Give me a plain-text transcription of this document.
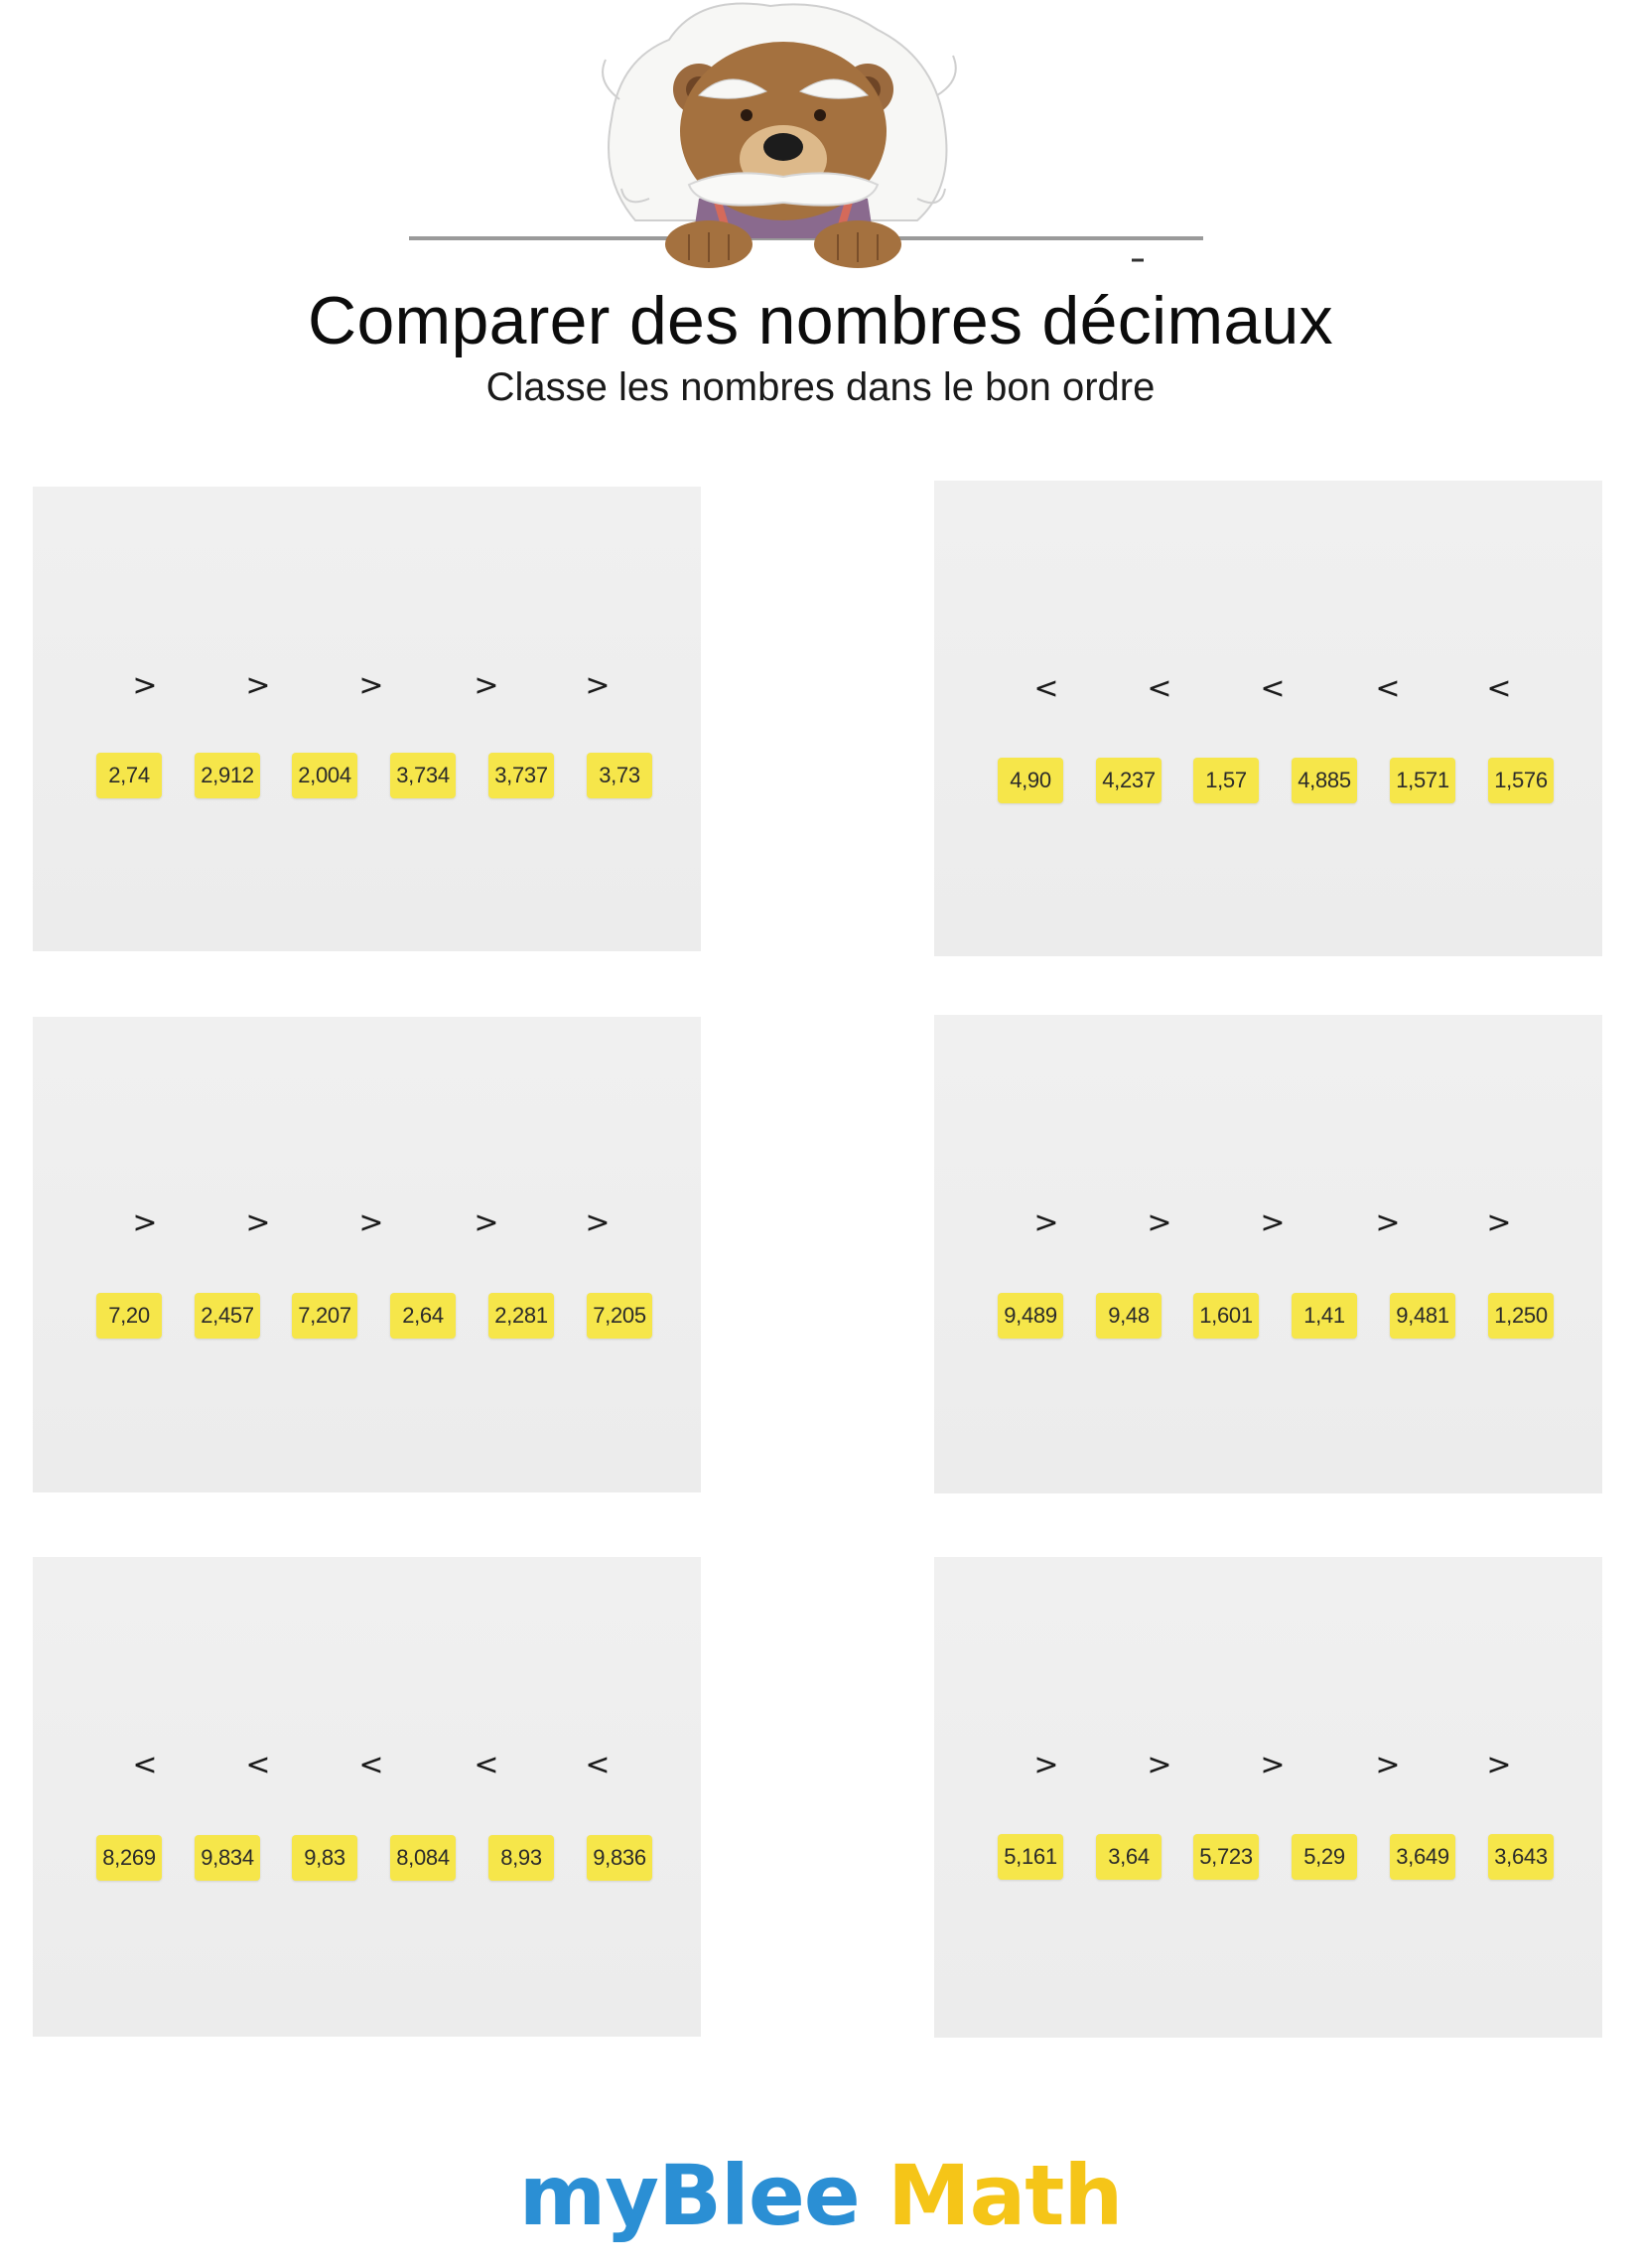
Comparer des nombres décimaux
Classe les nombres dans le bon ordre
>	>	>	>	>
2,74	2,912 2,004 3,734 3,737	3,73
<	<	<	<	<
4,90	4,237	1,57	4,885 1,571 1,576
>	>	>	>	>
7,20	2,457 7,207	2,64	2,281 7,205
>	>	>	>	>
9,489	9,48	1,601	1,41	9,481 1,250
<	<	<	<	<
8,269 9,834	9,83	8,084	8,93	9,836
>	>	>	>	>
5,161	3,64	5,723	5,29	3,649 3,643
myBlee Math
